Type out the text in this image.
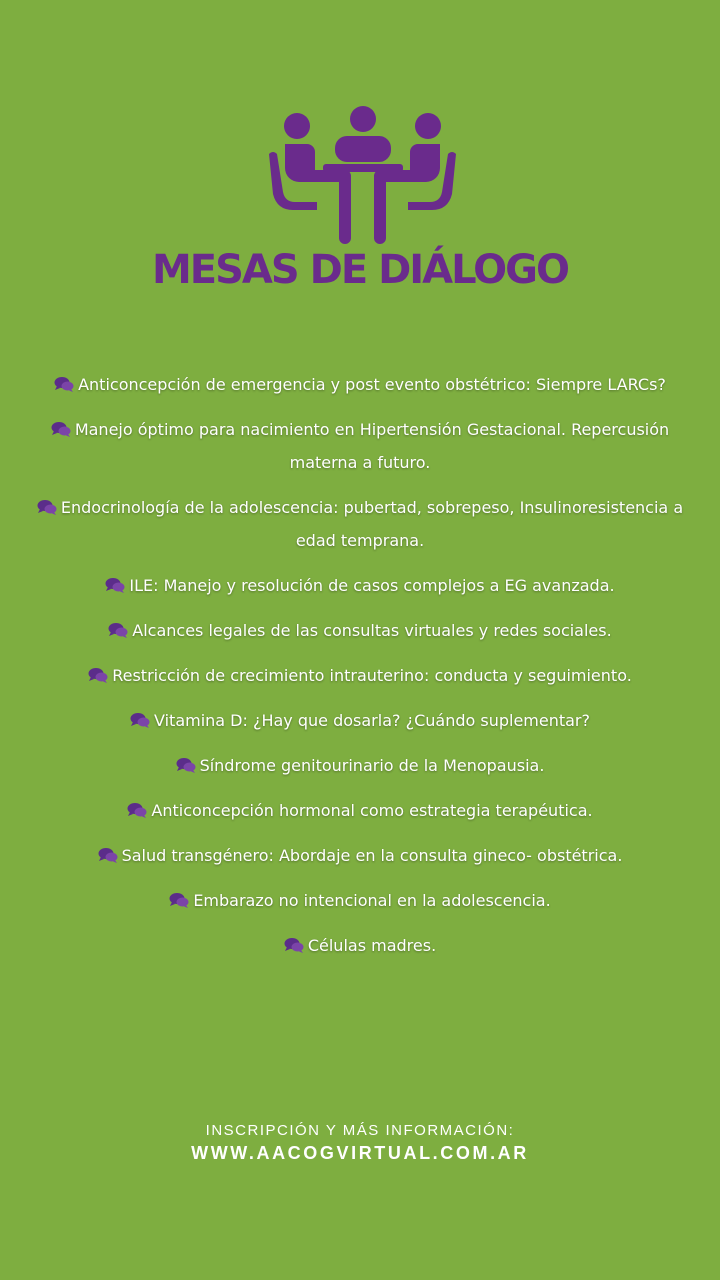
MESAS DE DIÁLOGO
Anticoncepción de emergencia y post evento obstétrico: Siempre LARCs?
Manejo óptimo para nacimiento en Hipertensión Gestacional. Repercusión materna a futuro.
Endocrinología de la adolescencia: pubertad, sobrepeso, Insulinoresistencia a edad temprana.
ILE: Manejo y resolución de casos complejos a EG avanzada.
Alcances legales de las consultas virtuales y redes sociales.
Restricción de crecimiento intrauterino: conducta y seguimiento.
Vitamina D: ¿Hay que dosarla? ¿Cuándo suplementar?
Síndrome genitourinario de la Menopausia.
Anticoncepción hormonal como estrategia terapéutica.
Salud transgénero: Abordaje en la consulta gineco- obstétrica.
Embarazo no intencional en la adolescencia.
Células madres.
INSCRIPCIÓN Y MÁS INFORMACIÓN:
WWW.AACOGVIRTUAL.COM.AR
